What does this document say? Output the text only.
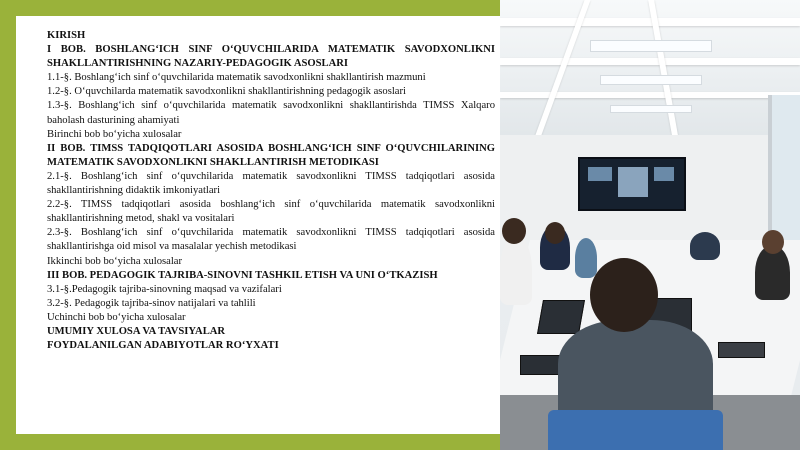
KIRISH

I BOB. BOSHLANG‘ICH SINF O‘QUVCHILARIDA MATEMATIK SAVODXONLIKNI SHAKLLANTIRISHNING NAZARIY-PEDAGOGIK ASOSLARI

1.1-§. Boshlang‘ich sinf o‘quvchilarida matematik savodxonlikni shakllantirish mazmuni

1.2-§. O‘quvchilarda matematik savodxonlikni shakllantirishning pedagogik asoslari

1.3-§. Boshlang‘ich sinf o‘quvchilarida matematik savodxonlikni shakllantirishda TIMSS Xalqaro baholash dasturining ahamiyati

Birinchi bob bo‘yicha xulosalar

II BOB. TIMSS TADQIQOTLARI ASOSIDA BOSHLANG‘ICH SINF O‘QUVCHILARINING MATEMATIK SAVODXONLIKNI SHAKLLANTIRISH METODIKASI

2.1-§. Boshlang‘ich sinf o‘quvchilarida matematik savodxonlikni TIMSS tadqiqotlari asosida shakllantirishning didaktik imkoniyatlari

2.2-§. TIMSS tadqiqotlari asosida boshlang‘ich sinf o‘quvchilarida matematik savodxonlikni shakllantirishning metod, shakl va vositalari

2.3-§. Boshlang‘ich sinf o‘quvchilarida matematik savodxonlikni TIMSS tadqiqotlari asosida shakllantirishga oid misol va masalalar yechish metodikasi

Ikkinchi bob bo‘yicha xulosalar

III BOB. PEDAGOGIK TAJRIBA-SINOVNI TASHKIL ETISH VA UNI O‘TKAZISH

3.1-§.Pedagogik tajriba-sinovning maqsad va vazifalari

3.2-§. Pedagogik tajriba-sinov natijalari va tahlili

Uchinchi bob bo‘yicha xulosalar

UMUMIY XULOSA VA TAVSIYALAR

FOYDALANILGAN ADABIYOTLAR RO‘YXATI
